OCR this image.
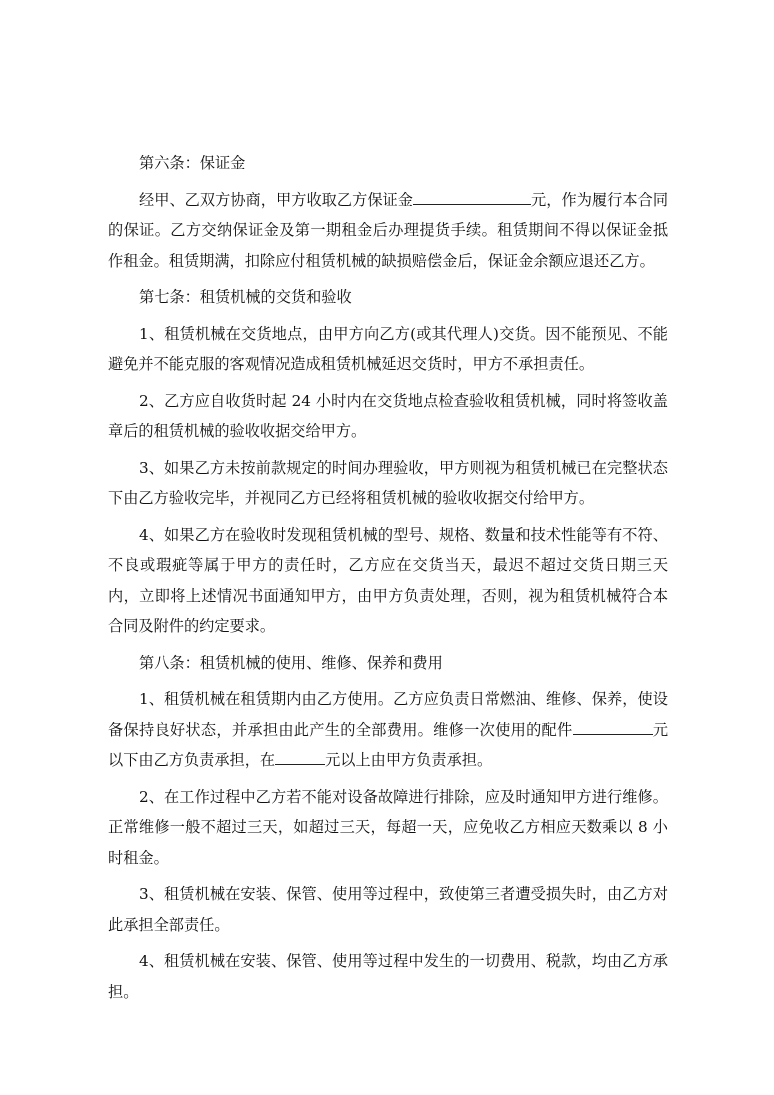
第六条：保证金
经甲、乙双方协商，甲方收取乙方保证金	元，作为履行本合同的保证。乙方交纳保证金及第一期租金后办理提货手续。租赁期间不得以保证金抵作租金。租赁期满，扣除应付租赁机械的缺损赔偿金后，保证金余额应退还乙方。
第七条：租赁机械的交货和验收
1、租赁机械在交货地点，由甲方向乙方(或其代理人)交货。因不能预见、不能避免并不能克服的客观情况造成租赁机械延迟交货时，甲方不承担责任。
2、乙方应自收货时起 24 小时内在交货地点检查验收租赁机械，同时将签收盖章后的租赁机械的验收收据交给甲方。
3、如果乙方未按前款规定的时间办理验收，甲方则视为租赁机械已在完整状态下由乙方验收完毕，并视同乙方已经将租赁机械的验收收据交付给甲方。
4、如果乙方在验收时发现租赁机械的型号、规格、数量和技术性能等有不符、不良或瑕疵等属于甲方的责任时，乙方应在交货当天，最迟不超过交货日期三天内，立即将上述情况书面通知甲方，由甲方负责处理，否则，视为租赁机械符合本合同及附件的约定要求。
第八条：租赁机械的使用、维修、保养和费用
1、租赁机械在租赁期内由乙方使用。乙方应负责日常燃油、维修、保养，使设备保持良好状态，并承担由此产生的全部费用。维修一次使用的配件	元以下由乙方负责承担，在	元以上由甲方负责承担。
2、在工作过程中乙方若不能对设备故障进行排除，应及时通知甲方进行维修。正常维修一般不超过三天，如超过三天，每超一天，应免收乙方相应天数乘以 8 小时租金。
3、租赁机械在安装、保管、使用等过程中，致使第三者遭受损失时，由乙方对此承担全部责任。
4、租赁机械在安装、保管、使用等过程中发生的一切费用、税款，均由乙方承担。
